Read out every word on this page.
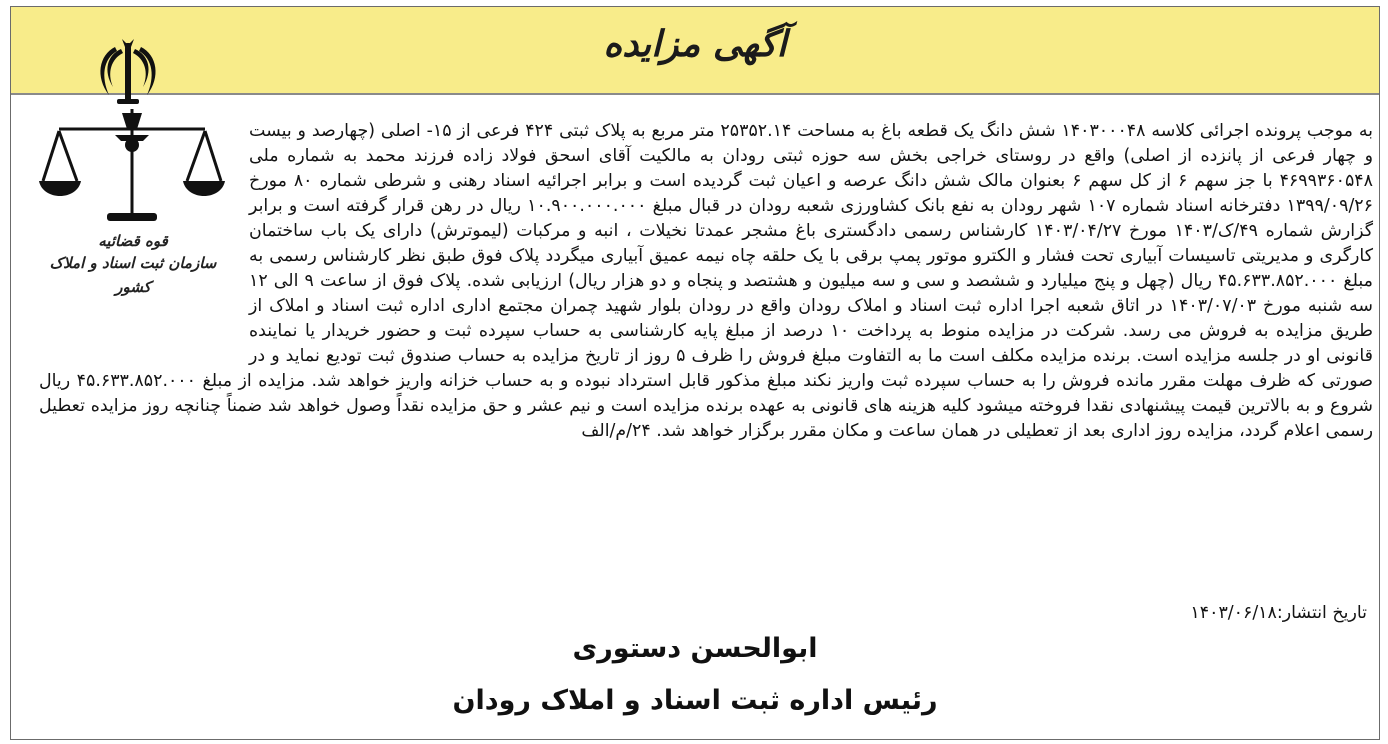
آگهی مزایده
قوه قضائیه
سازمان ثبت اسناد و املاک کشور
به موجب پرونده اجرائی کلاسه ۱۴۰۳۰۰۰۴۸ شش دانگ یک قطعه باغ به مساحت ۲۵۳۵۲.۱۴ متر مربع به پلاک ثبتی ۴۲۴ فرعی از ۱۵- اصلی (چهارصد و بیست و چهار فرعی از پانزده از اصلی) واقع در روستای خراجی بخش سه حوزه ثبتی رودان به مالکیت آقای اسحق فولاد زاده فرزند محمد به شماره ملی ۴۶۹۹۳۶۰۵۴۸ با جز سهم ۶ از کل سهم ۶ بعنوان مالک شش دانگ عرصه و اعیان ثبت گردیده است و برابر اجرائیه اسناد رهنی و شرطی شماره ۸۰ مورخ ۱۳۹۹/۰۹/۲۶ دفترخانه اسناد شماره ۱۰۷ شهر رودان به نفع بانک کشاورزی شعبه رودان در قبال مبلغ ۱۰.۹۰۰.۰۰۰.۰۰۰ ریال در رهن قرار گرفته است و برابر گزارش شماره ۴۹/ک/۱۴۰۳ مورخ ۱۴۰۳/۰۴/۲۷ کارشناس رسمی دادگستری باغ مشجر عمدتا نخیلات ، انبه و مرکبات (لیموترش) دارای یک باب ساختمان کارگری و مدیریتی تاسیسات آبیاری تحت فشار و الکترو موتور پمپ برقی با یک حلقه چاه نیمه عمیق آبیاری میگردد پلاک فوق طبق نظر کارشناس رسمی به مبلغ ۴۵.۶۳۳.۸۵۲.۰۰۰ ریال (چهل و پنج میلیارد و ششصد و سی و سه میلیون و هشتصد و پنجاه و دو هزار ریال) ارزیابی شده. پلاک فوق از ساعت ۹ الی ۱۲ سه شنبه مورخ ۱۴۰۳/۰۷/۰۳ در اتاق شعبه اجرا اداره ثبت اسناد و املاک رودان واقع در رودان بلوار شهید چمران مجتمع اداری اداره ثبت اسناد و املاک از طریق مزایده به فروش می رسد. شرکت در مزایده منوط به پرداخت ۱۰ درصد از مبلغ پایه کارشناسی به حساب سپرده ثبت و حضور خریدار یا نماینده قانونی او در جلسه مزایده است. برنده مزایده مکلف است ما به التفاوت مبلغ فروش را ظرف ۵ روز از تاریخ مزایده به حساب صندوق ثبت تودیع نماید و در صورتی که ظرف مهلت مقرر مانده فروش را به حساب سپرده ثبت واریز نکند مبلغ مذکور قابل استرداد نبوده و به حساب خزانه واریز خواهد شد. مزایده از مبلغ ۴۵.۶۳۳.۸۵۲.۰۰۰ ریال شروع و به بالاترین قیمت پیشنهادی نقدا فروخته میشود کلیه هزینه های قانونی به عهده برنده مزایده است و نیم عشر و حق مزایده نقداً وصول خواهد شد ضمناً چنانچه روز مزایده تعطیل رسمی اعلام گردد، مزایده روز اداری بعد از تعطیلی در همان ساعت و مکان مقرر برگزار خواهد شد. ۲۴/م/الف
تاریخ انتشار:۱۴۰۳/۰۶/۱۸
ابوالحسن دستوری
رئیس اداره ثبت اسناد و املاک رودان
